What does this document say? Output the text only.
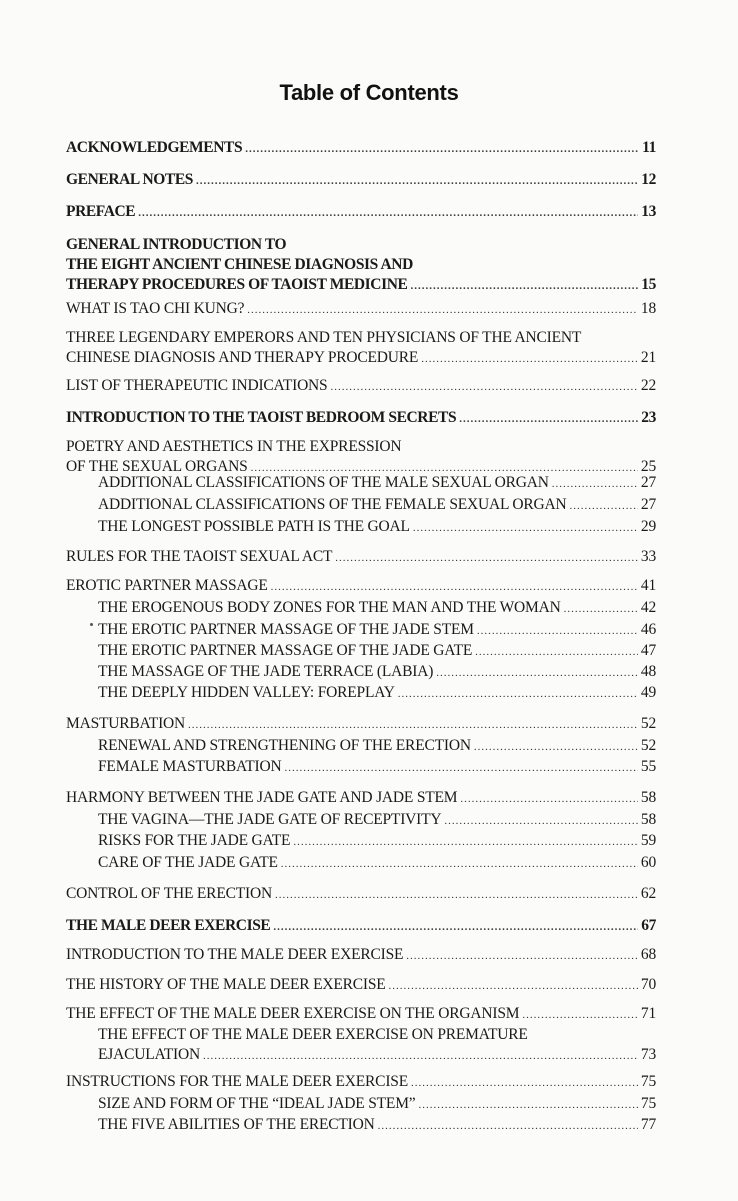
Table of Contents
ACKNOWLEDGEMENTS .....	11
GENERAL NOTES .....	12
PREFACE .....	13
GENERAL INTRODUCTION TO
THE EIGHT ANCIENT CHINESE DIAGNOSIS AND
THERAPY PROCEDURES OF TAOIST MEDICINE .....	15
WHAT IS TAO CHI KUNG? .....	18
THREE LEGENDARY EMPERORS AND TEN PHYSICIANS OF THE ANCIENT
CHINESE DIAGNOSIS AND THERAPY PROCEDURE .....	21
LIST OF THERAPEUTIC INDICATIONS .....	22
INTRODUCTION TO THE TAOIST BEDROOM SECRETS .....	23
POETRY AND AESTHETICS IN THE EXPRESSION
OF THE SEXUAL ORGANS .....	25
ADDITIONAL CLASSIFICATIONS OF THE MALE SEXUAL ORGAN .....	27
ADDITIONAL CLASSIFICATIONS OF THE FEMALE SEXUAL ORGAN .....	27
THE LONGEST POSSIBLE PATH IS THE GOAL .....	29
RULES FOR THE TAOIST SEXUAL ACT .....	33
EROTIC PARTNER MASSAGE .....	41
THE EROGENOUS BODY ZONES FOR THE MAN AND THE WOMAN .....	42
THE EROTIC PARTNER MASSAGE OF THE JADE STEM .....	46
THE EROTIC PARTNER MASSAGE OF THE JADE GATE .....	47
THE MASSAGE OF THE JADE TERRACE (LABIA) .....	48
THE DEEPLY HIDDEN VALLEY: FOREPLAY .....	49
MASTURBATION .....	52
RENEWAL AND STRENGTHENING OF THE ERECTION .....	52
FEMALE MASTURBATION .....	55
HARMONY BETWEEN THE JADE GATE AND JADE STEM .....	58
THE VAGINA—THE JADE GATE OF RECEPTIVITY .....	58
RISKS FOR THE JADE GATE .....	59
CARE OF THE JADE GATE .....	60
CONTROL OF THE ERECTION .....	62
THE MALE DEER EXERCISE .....	67
INTRODUCTION TO THE MALE DEER EXERCISE .....	68
THE HISTORY OF THE MALE DEER EXERCISE .....	70
THE EFFECT OF THE MALE DEER EXERCISE ON THE ORGANISM .....	71
THE EFFECT OF THE MALE DEER EXERCISE ON PREMATURE
EJACULATION .....	73
INSTRUCTIONS FOR THE MALE DEER EXERCISE .....	75
SIZE AND FORM OF THE “IDEAL JADE STEM” .....	75
THE FIVE ABILITIES OF THE ERECTION .....	77
